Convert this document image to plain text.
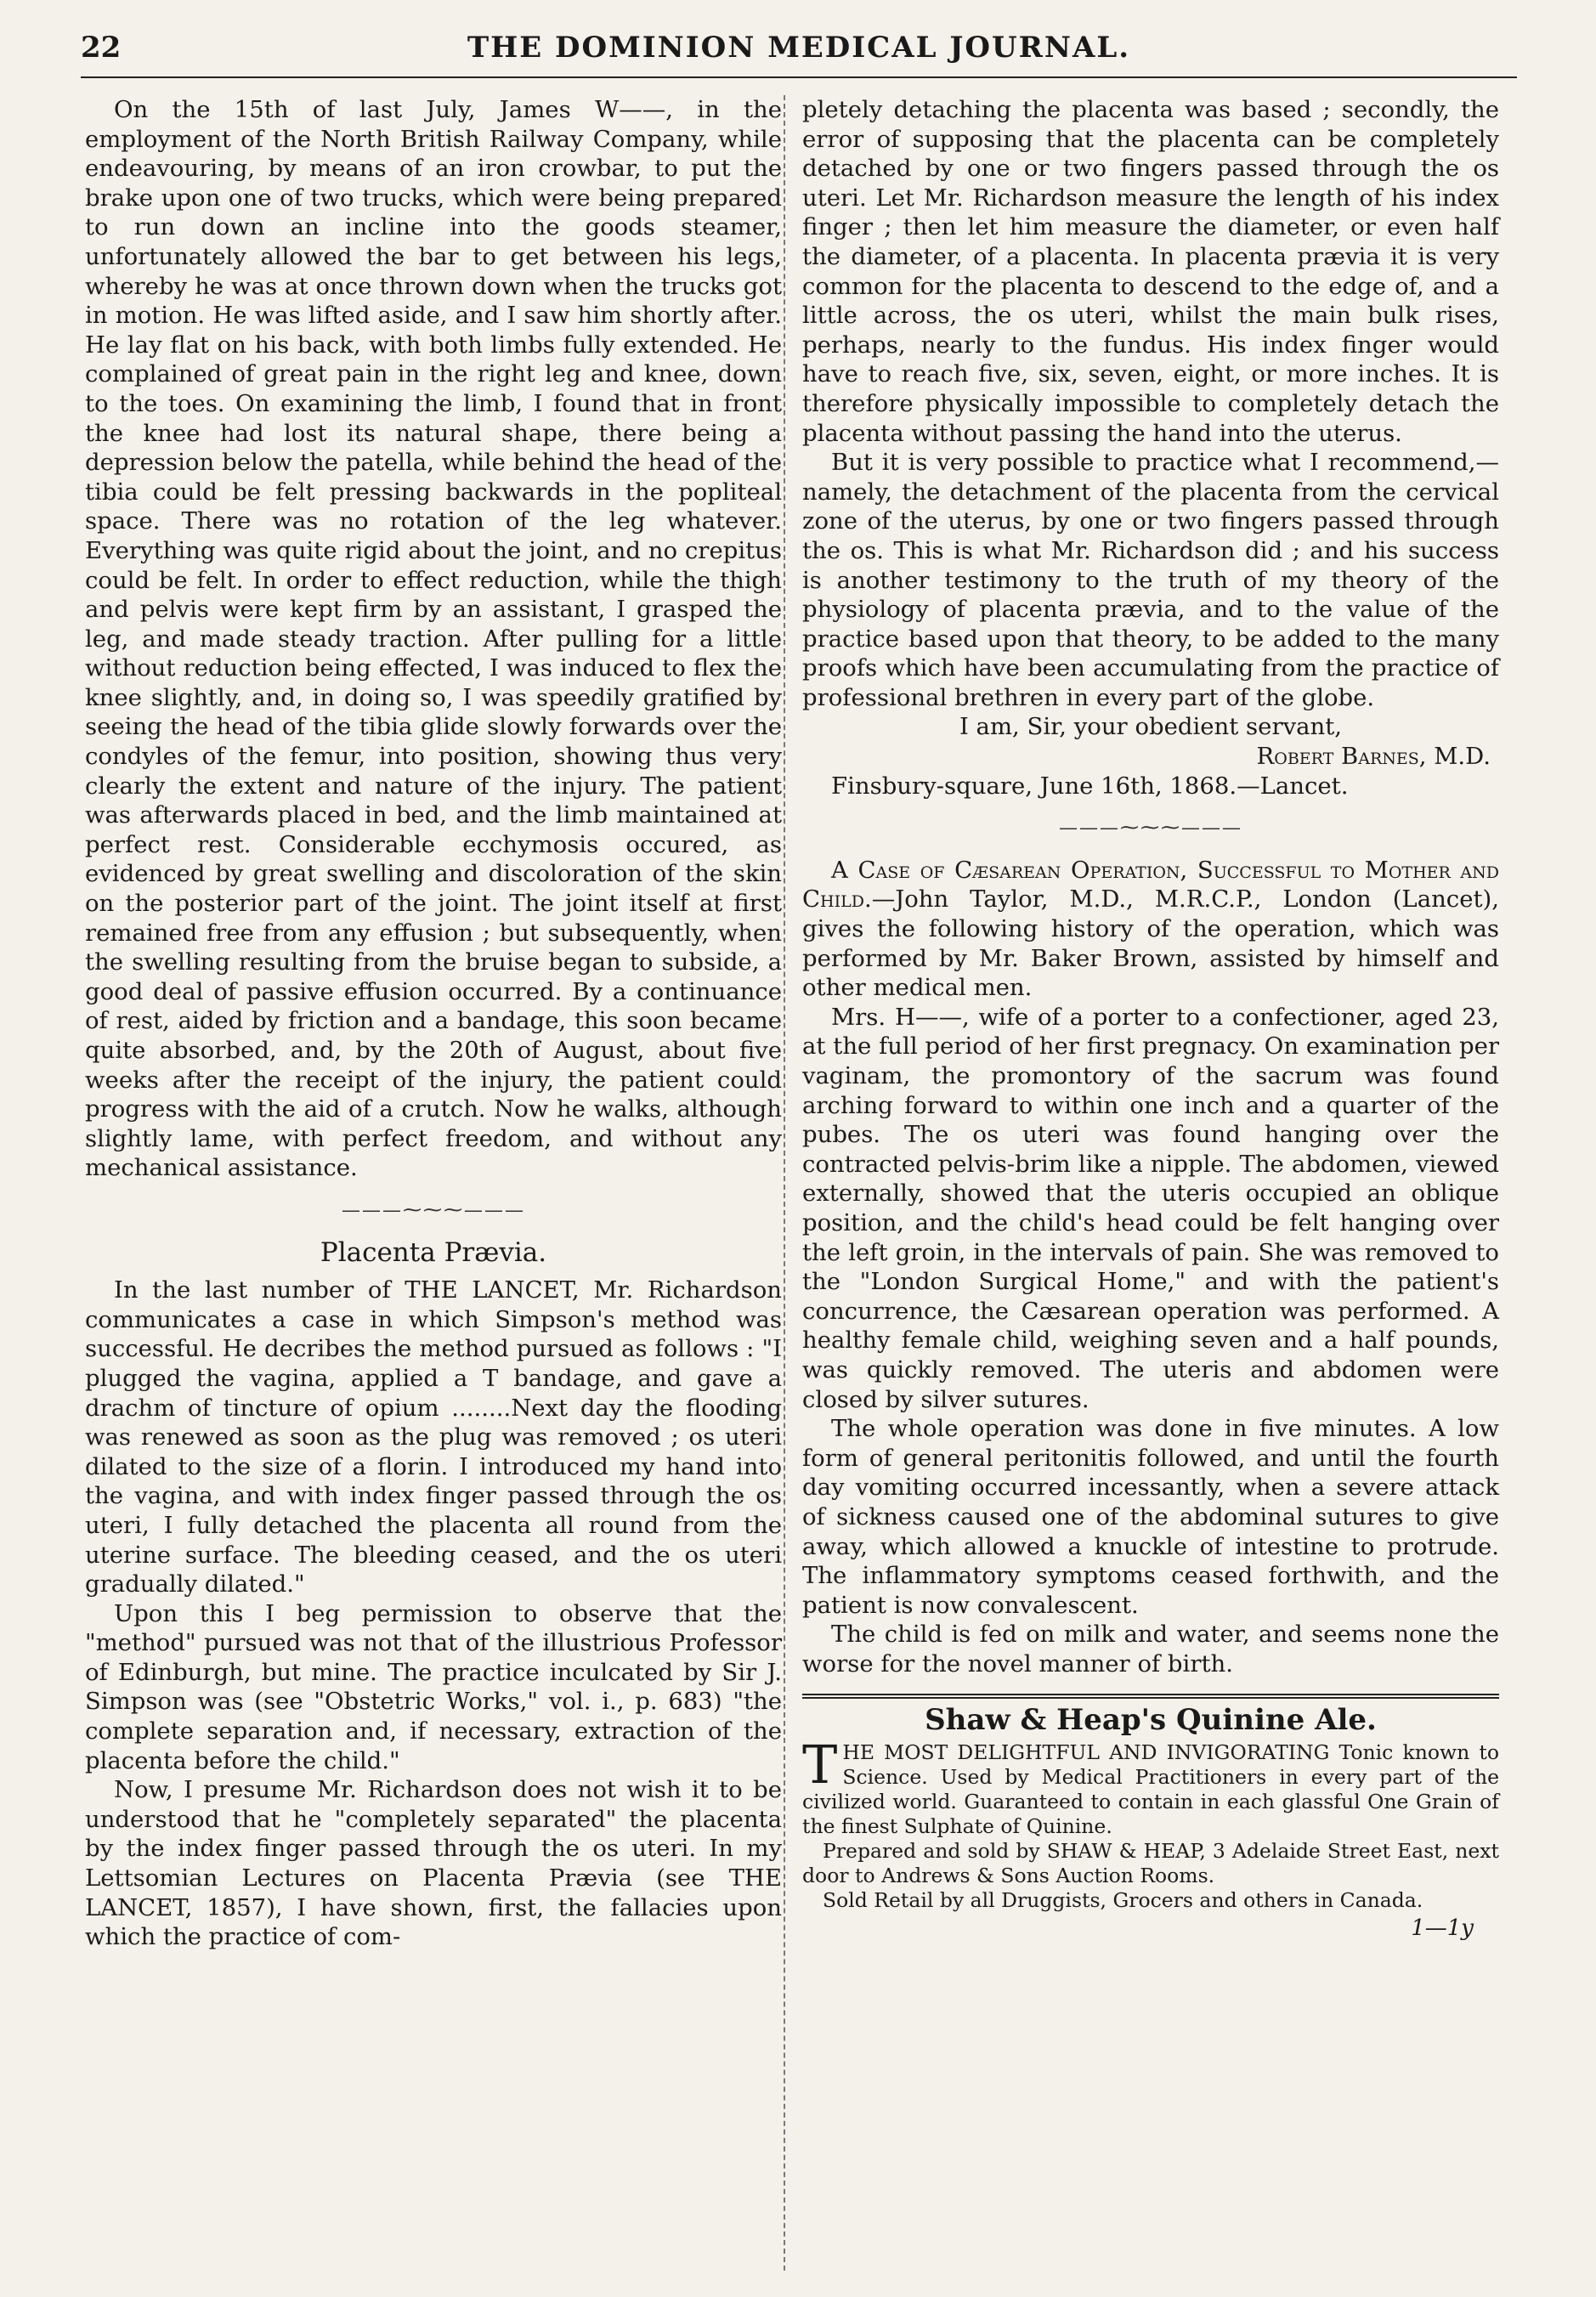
22	THE DOMINION MEDICAL JOURNAL.

On the 15th of last July, James W——, in the employment of the North British Railway Company, while endeavouring, by means of an iron crowbar, to put the brake upon one of two trucks, which were being prepared to run down an incline into the goods steamer, unfortunately allowed the bar to get between his legs, whereby he was at once thrown down when the trucks got in motion. He was lifted aside, and I saw him shortly after. He lay flat on his back, with both limbs fully extended. He complained of great pain in the right leg and knee, down to the toes. On examining the limb, I found that in front the knee had lost its natural shape, there being a depression below the patella, while behind the head of the tibia could be felt pressing backwards in the popliteal space. There was no rotation of the leg whatever. Everything was quite rigid about the joint, and no crepitus could be felt. In order to effect reduction, while the thigh and pelvis were kept firm by an assistant, I grasped the leg, and made steady traction. After pulling for a little without reduction being effected, I was induced to flex the knee slightly, and, in doing so, I was speedily gratified by seeing the head of the tibia glide slowly forwards over the condyles of the femur, into position, showing thus very clearly the extent and nature of the injury. The patient was afterwards placed in bed, and the limb maintained at perfect rest. Considerable ecchymosis occured, as evidenced by great swelling and discoloration of the skin on the posterior part of the joint. The joint itself at first remained free from any effusion ; but subsequently, when the swelling resulting from the bruise began to subside, a good deal of passive effusion occurred. By a continuance of rest, aided by friction and a bandage, this soon became quite absorbed, and, by the 20th of August, about five weeks after the receipt of the injury, the patient could progress with the aid of a crutch. Now he walks, although slightly lame, with perfect freedom, and without any mechanical assistance.

———⁓⁓⁓———
Placenta Prævia.

In the last number of THE LANCET, Mr. Richardson communicates a case in which Simpson's method was successful. He decribes the method pursued as follows : "I plugged the vagina, applied a T bandage, and gave a drachm of tincture of opium ........Next day the flooding was renewed as soon as the plug was removed ; os uteri dilated to the size of a florin. I introduced my hand into the vagina, and with index finger passed through the os uteri, I fully detached the placenta all round from the uterine surface. The bleeding ceased, and the os uteri gradually dilated."

Upon this I beg permission to observe that the "method" pursued was not that of the illustrious Professor of Edinburgh, but mine. The practice inculcated by Sir J. Simpson was (see "Obstetric Works," vol. i., p. 683) "the complete separation and, if necessary, extraction of the placenta before the child."

Now, I presume Mr. Richardson does not wish it to be understood that he "completely separated" the placenta by the index finger passed through the os uteri. In my Lettsomian Lectures on Placenta Prævia (see THE LANCET, 1857), I have shown, first, the fallacies upon which the practice of com-

pletely detaching the placenta was based ; secondly, the error of supposing that the placenta can be completely detached by one or two fingers passed through the os uteri. Let Mr. Richardson measure the length of his index finger ; then let him measure the diameter, or even half the diameter, of a placenta. In placenta prævia it is very common for the placenta to descend to the edge of, and a little across, the os uteri, whilst the main bulk rises, perhaps, nearly to the fundus. His index finger would have to reach five, six, seven, eight, or more inches. It is therefore physically impossible to completely detach the placenta without passing the hand into the uterus.

But it is very possible to practice what I recommend,—namely, the detachment of the placenta from the cervical zone of the uterus, by one or two fingers passed through the os. This is what Mr. Richardson did ; and his success is another testimony to the truth of my theory of the physiology of placenta prævia, and to the value of the practice based upon that theory, to be added to the many proofs which have been accumulating from the practice of professional brethren in every part of the globe.

I am, Sir, your obedient servant,
Robert Barnes, M.D.
Finsbury-square, June 16th, 1868.—Lancet.
———⁓⁓⁓———

A Case of Cæsarean Operation, Successful to Mother and Child.—John Taylor, M.D., M.R.C.P., London (Lancet), gives the following history of the operation, which was performed by Mr. Baker Brown, assisted by himself and other medical men.

Mrs. H——, wife of a porter to a confectioner, aged 23, at the full period of her first pregnacy. On examination per vaginam, the promontory of the sacrum was found arching forward to within one inch and a quarter of the pubes. The os uteri was found hanging over the contracted pelvis-brim like a nipple. The abdomen, viewed externally, showed that the uteris occupied an oblique position, and the child's head could be felt hanging over the left groin, in the intervals of pain. She was removed to the "London Surgical Home," and with the patient's concurrence, the Cæsarean operation was performed. A healthy female child, weighing seven and a half pounds, was quickly removed. The uteris and abdomen were closed by silver sutures.

The whole operation was done in five minutes. A low form of general peritonitis followed, and until the fourth day vomiting occurred incessantly, when a severe attack of sickness caused one of the abdominal sutures to give away, which allowed a knuckle of intestine to protrude. The inflammatory symptoms ceased forthwith, and the patient is now convalescent.

The child is fed on milk and water, and seems none the worse for the novel manner of birth.

Shaw & Heap's Quinine Ale.

THE MOST DELIGHTFUL AND INVIGORATING Tonic known to Science. Used by Medical Practitioners in every part of the civilized world. Guaranteed to contain in each glassful One Grain of the finest Sulphate of Quinine.

Prepared and sold by SHAW & HEAP, 3 Adelaide Street East, next door to Andrews & Sons Auction Rooms.

Sold Retail by all Druggists, Grocers and others in Canada.

1—1y
